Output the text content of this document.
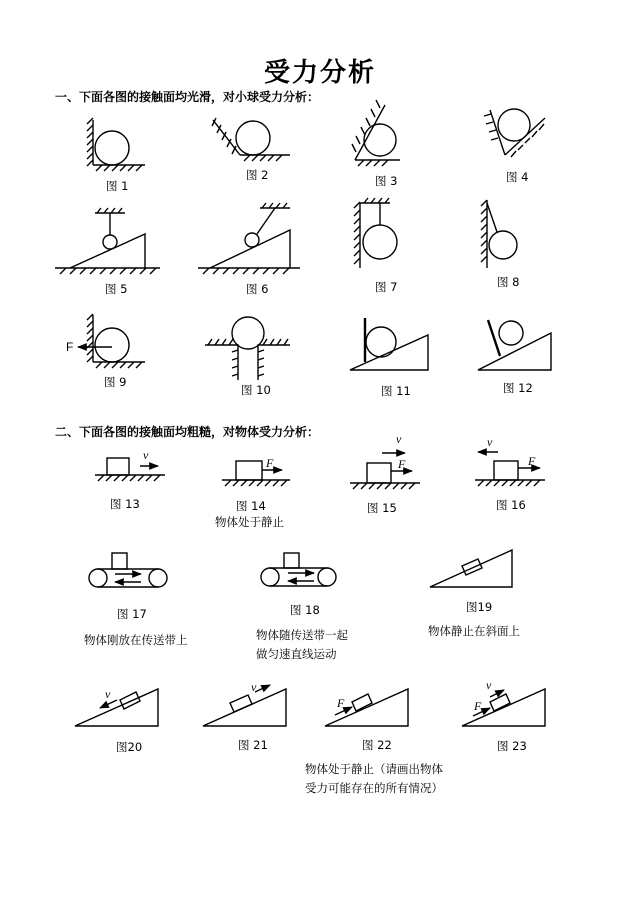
受力分析
一、下面各图的接触面均光滑，对小球受力分析：
二、下面各图的接触面均粗糙，对物体受力分析：
F
v
F
v
F
v
F
v	v
F
v
F
图 1
图 2	图 3	图 4
图 5	图 6	图 7	图 8
图 9
图 10	图 11	图 12
图 13	图 14	图 15	图 16
图 17	图 18	图19
图20	图 21	图 22	图 23
物体处于静止
物体刚放在传送带上	物体随传送带一起
做匀速直线运动
物体静止在斜面上
物体处于静止（请画出物体
受力可能存在的所有情况）
